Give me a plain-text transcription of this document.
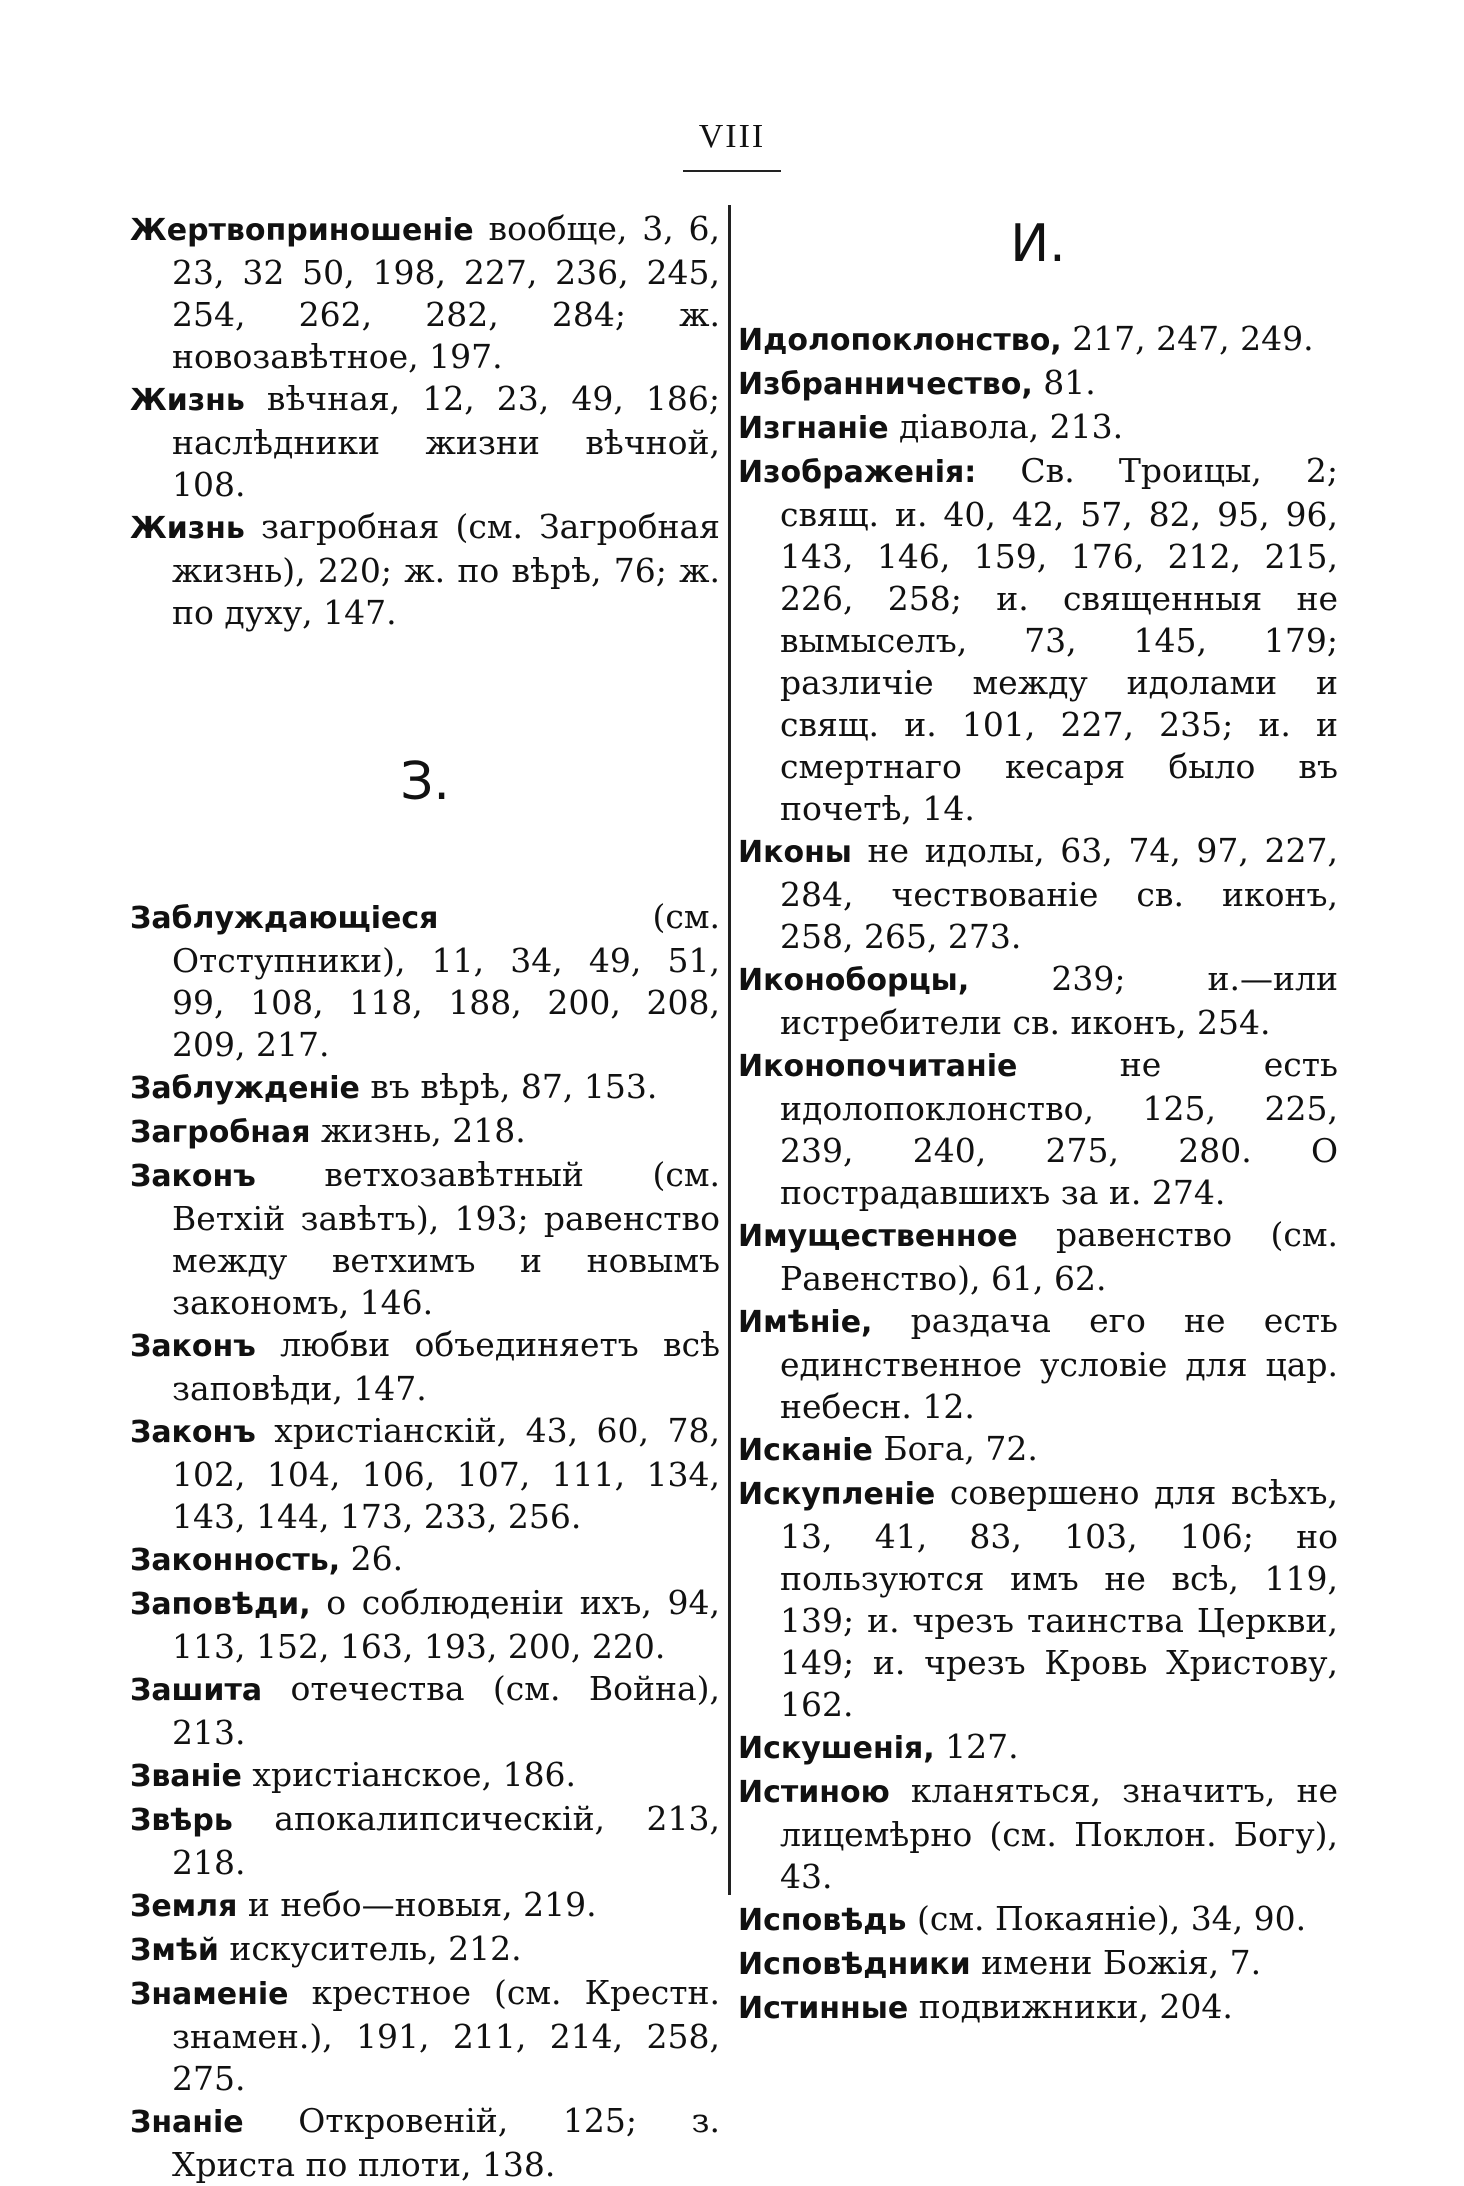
VIII

Жертвоприношеніе вообще, 3, 6, 23, 32 50, 198, 227, 236, 245, 254, 262, 282, 284; ж. новозавѣтное, 197.

Жизнь вѣчная, 12, 23, 49, 186; наслѣдники жизни вѣчной, 108.

Жизнь загробная (см. Загробная жизнь), 220; ж. по вѣрѣ, 76; ж. по духу, 147.

З.

Заблуждающіеся (см. Отступники), 11, 34, 49, 51, 99, 108, 118, 188, 200, 208, 209, 217.

Заблужденіе въ вѣрѣ, 87, 153.

Загробная жизнь, 218.

Законъ ветхозавѣтный (см. Ветхій завѣтъ), 193; равенство между ветхимъ и новымъ закономъ, 146.

Законъ любви объединяетъ всѣ заповѣди, 147.

Законъ христіанскій, 43, 60, 78, 102, 104, 106, 107, 111, 134, 143, 144, 173, 233, 256.

Законность, 26.

Заповѣди, о соблюденіи ихъ, 94, 113, 152, 163, 193, 200, 220.

Зашита отечества (см. Война), 213.

Званіе христіанское, 186.

Звѣрь апокалипсическій, 213, 218.

Земля и небо—новыя, 219.

Змѣй искуситель, 212.

Знаменіе крестное (см. Крестн. знамен.), 191, 211, 214, 258, 275.

Знаніе Откровеній, 125; з. Христа по плоти, 138.

И.

Идолопоклонство, 217, 247, 249.

Избранничество, 81.

Изгнаніе діавола, 213.

Изображенія: Св. Троицы, 2; свящ. и. 40, 42, 57, 82, 95, 96, 143, 146, 159, 176, 212, 215, 226, 258; и. священныя не вымыселъ, 73, 145, 179; различіе между идолами и свящ. и. 101, 227, 235; и. и смертнаго кесаря было въ почетѣ, 14.

Иконы не идолы, 63, 74, 97, 227, 284, чествованіе св. иконъ, 258, 265, 273.

Иконоборцы, 239; и.—или истребители св. иконъ, 254.

Иконопочитаніе не есть идолопоклонство, 125, 225, 239, 240, 275, 280. О пострадавшихъ за и. 274.

Имущественное равенство (см. Равенство), 61, 62.

Имѣніе, раздача его не есть единственное условіе для цар. небесн. 12.

Исканіе Бога, 72.

Искупленіе совершено для всѣхъ, 13, 41, 83, 103, 106; но пользуются имъ не всѣ, 119, 139; и. чрезъ таинства Церкви, 149; и. чрезъ Кровь Христову, 162.

Искушенія, 127.

Истиною кланяться, значитъ, не лицемѣрно (см. Поклон. Богу), 43.

Исповѣдь (см. Покаяніе), 34, 90.

Исповѣдники имени Божія, 7.

Истинные подвижники, 204.
